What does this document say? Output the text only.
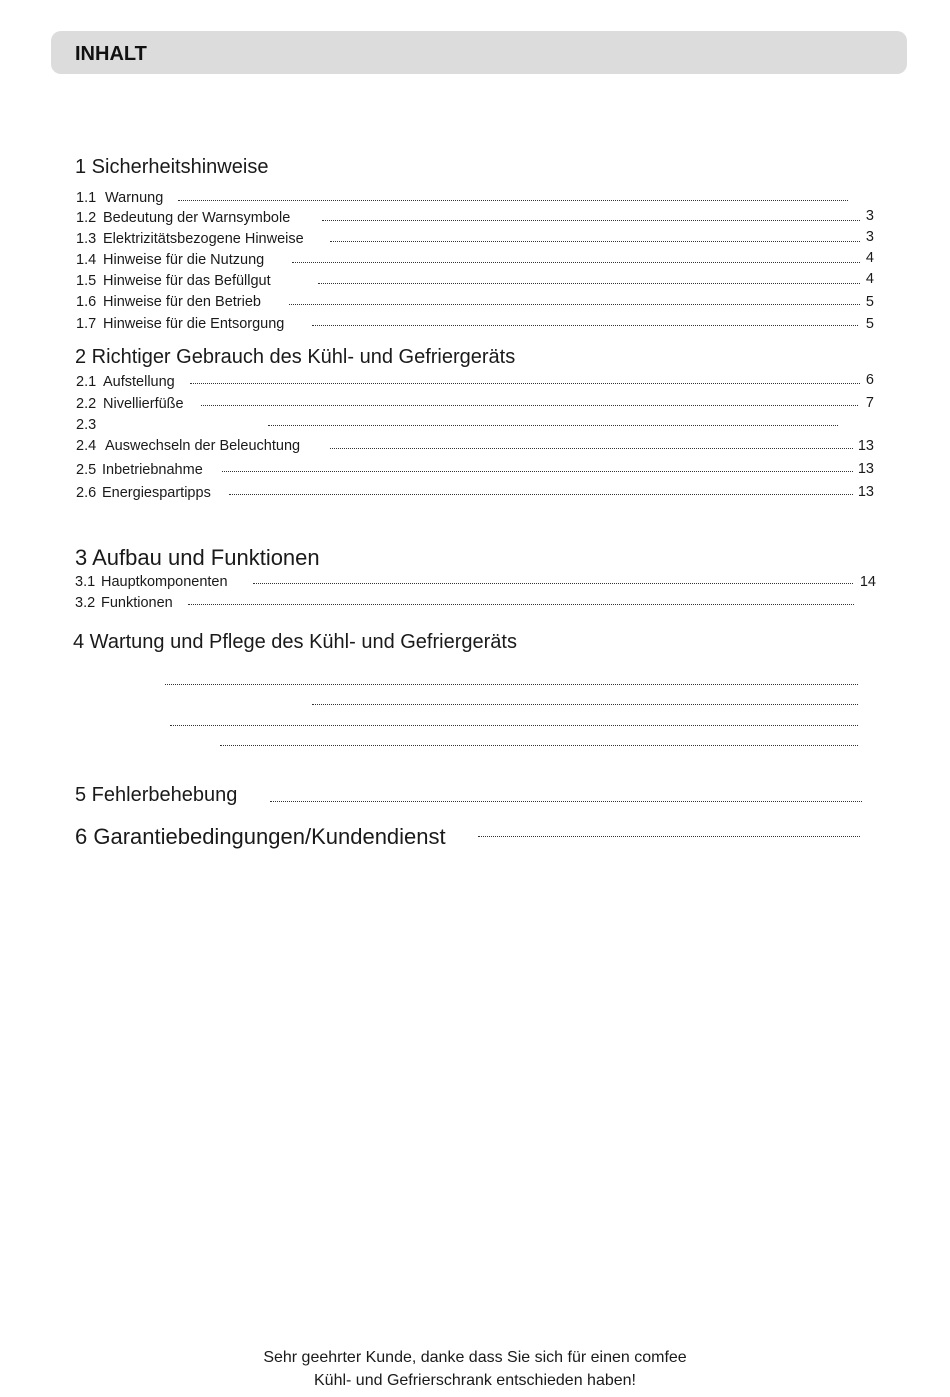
INHALT
1 Sicherheitshinweise
1.1 Warnung
1.2 Bedeutung der Warnsymbole	3
1.3 Elektrizitätsbezogene Hinweise	3
1.4 Hinweise für die Nutzung	4
1.5 Hinweise für das Befüllgut	4
1.6 Hinweise für den Betrieb	5
1.7 Hinweise für die Entsorgung	5
2 Richtiger Gebrauch des Kühl- und Gefriergeräts
2.1 Aufstellung	6
2.2 Nivellierfüße	7
2.3
2.4 Auswechseln der Beleuchtung	13
2.5 Inbetriebnahme	13
2.6 Energiespartipps	13
3 Aufbau und Funktionen
3.1 Hauptkomponenten	14
3.2 Funktionen
4 Wartung und Pflege des Kühl- und Gefriergeräts
5 Fehlerbehebung
6 Garantiebedingungen/Kundendienst
Sehr geehrter Kunde, danke dass Sie sich für einen comfee
Kühl- und Gefrierschrank entschieden haben!
